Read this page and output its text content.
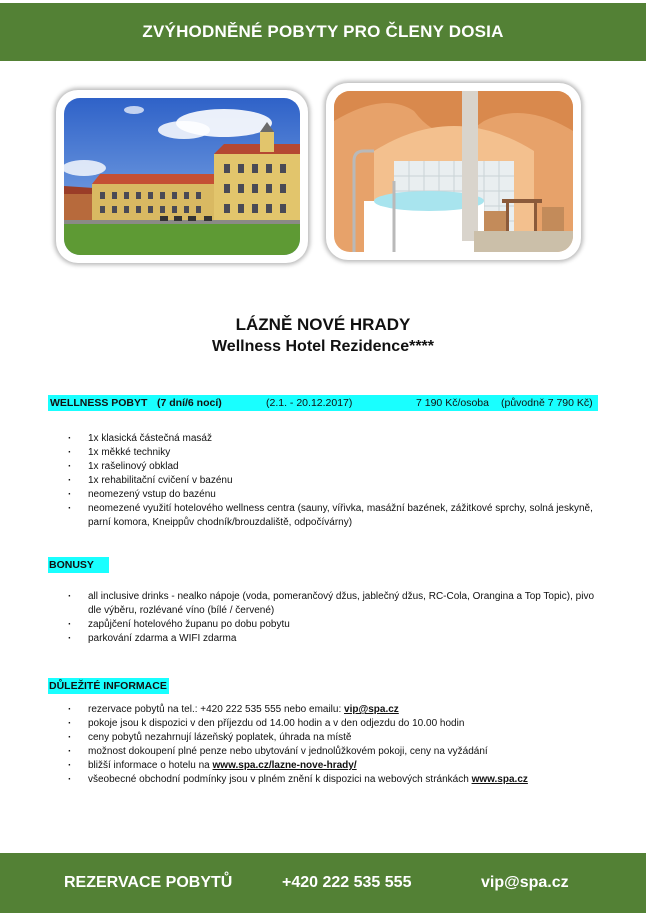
ZVÝHODNĚNÉ POBYTY PRO ČLENY DOSIA
LÁZNĚ NOVÉ HRADY
Wellness Hotel Rezidence****
WELLNESS POBYT (7 dní/6 nocí)	(2.1. - 20.12.2017)	7 190 Kč/osoba (původně 7 790 Kč)
· 1x klasická částečná masáž
· 1x měkké techniky
· 1x rašelinový obklad
· 1x rehabilitační cvičení v bazénu
· neomezený vstup do bazénu
· neomezené využití hotelového wellness centra (sauny, vířivka, masážní bazének, zážitkové sprchy, solná jeskyně, parní komora, Kneippův chodník/brouzdaliště, odpočívárny)
BONUSY
· all inclusive drinks - nealko nápoje (voda, pomerančový džus, jablečný džus, RC-Cola, Orangina a Top Topic), pivo dle výběru, rozlévané víno (bílé / červené)
· zapůjčení hotelového županu po dobu pobytu
· parkování zdarma a WIFI zdarma
DŮLEŽITÉ INFORMACE
· rezervace pobytů na tel.: +420 222 535 555 nebo emailu: vip@spa.cz
· pokoje jsou k dispozici v den příjezdu od 14.00 hodin a v den odjezdu do 10.00 hodin
· ceny pobytů nezahrnují lázeňský poplatek, úhrada na místě
· možnost dokoupení plné penze nebo ubytování v jednolůžkovém pokoji, ceny na vyžádání
· bližší informace o hotelu na www.spa.cz/lazne-nove-hrady/
· všeobecné obchodní podmínky jsou v plném znění k dispozici na webových stránkách www.spa.cz
REZERVACE POBYTŮ	+420 222 535 555	vip@spa.cz
